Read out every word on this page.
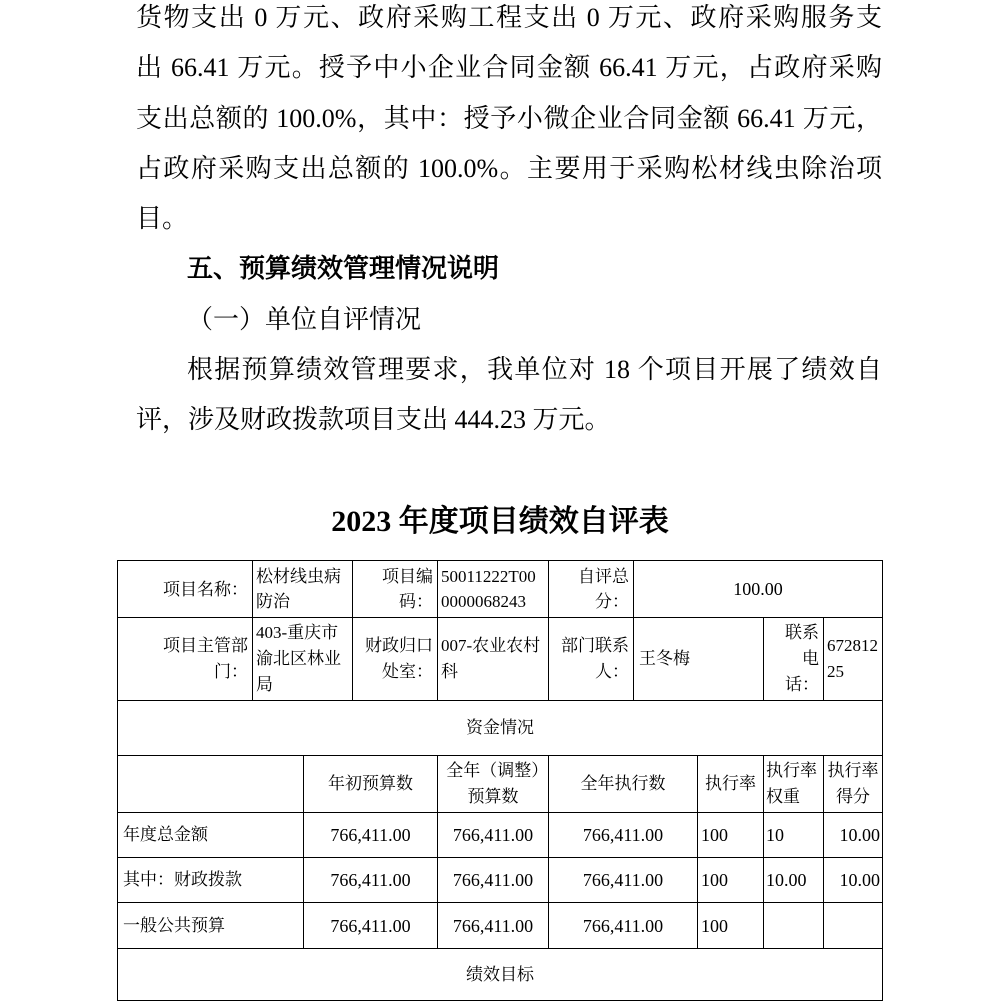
货物支出 0 万元、政府采购工程支出 0 万元、政府采购服务支
出 66.41 万元。授予中小企业合同金额 66.41 万元，占政府采购
支出总额的 100.0%，其中：授予小微企业合同金额 66.41 万元，
占政府采购支出总额的 100.0%。主要用于采购松材线虫除治项
目。
五、预算绩效管理情况说明
（一）单位自评情况
根据预算绩效管理要求，我单位对 18 个项目开展了绩效自
评，涉及财政拨款项目支出 444.23 万元。
2023 年度项目绩效自评表
项目名称：	松材线虫病防治		项目编码：	50011222T000000068243	自评总分：	100.00			
项目主管部门：	403-重庆市渝北区林业局		财政归口处室：	007-农业农村科	部门联系人：	王冬梅		联系电话：	67281225
资金情况									
		年初预算数		全年（调整）预算数	全年执行数		执行率	执行率权重	执行率得分
年度总金额		766,411.00		766,411.00	766,411.00		100	10	10.00
其中：财政拨款		766,411.00		766,411.00	766,411.00		100	10.00	10.00
一般公共预算		766,411.00		766,411.00	766,411.00		100		
绩效目标									
